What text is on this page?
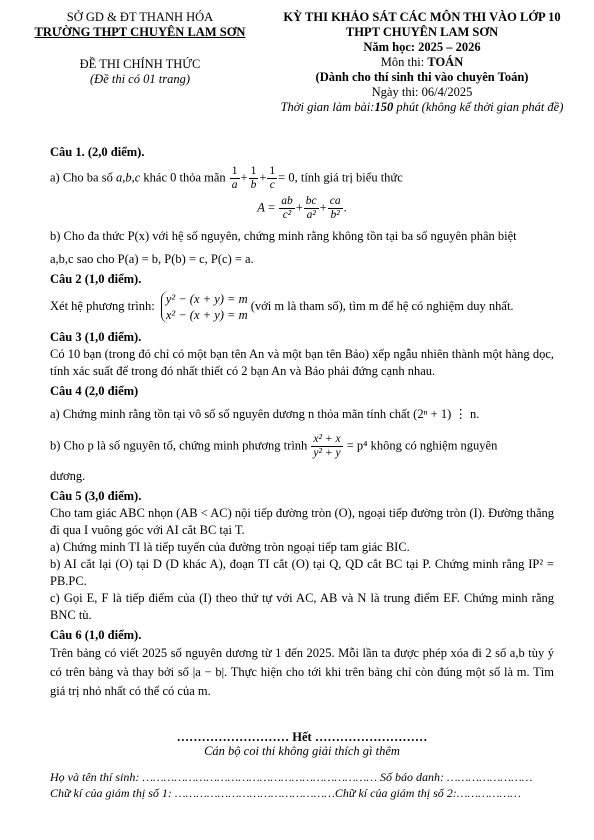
SỞ GD & ĐT THANH HÓA
TRƯỜNG THPT CHUYÊN LAM SƠN
ĐỀ THI CHÍNH THỨC
(Đề thi có 01 trang)
KỲ THI KHẢO SÁT CÁC MÔN THI VÀO LỚP 10
THPT CHUYÊN LAM SƠN
Năm học: 2025 – 2026
Môn thi: TOÁN
(Dành cho thí sinh thi vào chuyên Toán)
Ngày thi: 06/4/2025
Thời gian làm bài:150 phút (không kể thời gian phát đề)
Câu 1. (2,0 điểm).
a) Cho ba số a,b,c khác 0 thỏa mãn $\frac{1}{a} + \frac{1}{b} + \frac{1}{c} = 0$, tính giá trị biểu thức
$A = \frac{ab}{\text{c²}} + \frac{bc}{\text{a²}} + \frac{ca}{\text{b²}}$ .
b) Cho đa thức P(x) với hệ số nguyên, chứng minh rằng không tồn tại ba số nguyên phân biệt
a,b,c sao cho P(a) = b, P(b) = c, P(c) = a.
Câu 2 (1,0 điểm).
Xét hệ phương trình: y² − (x + y) = m
x² − (x + y) = m (với m là tham số), tìm m để hệ có nghiệm duy nhất.
Câu 3 (1,0 điểm).
Có 10 bạn (trong đó chỉ có một bạn tên An và một bạn tên Bảo) xếp ngẫu nhiên thành một hàng dọc, tính xác suất để trong đó nhất thiết có 2 bạn An và Bảo phải đứng cạnh nhau.
Câu 4 (2,0 điểm)
a) Chứng minh rằng tồn tại vô số số nguyên dương n thỏa mãn tính chất (2ⁿ + 1) ⋮ n.
b) Cho p là số nguyên tố, chứng minh phương trình $\frac{\text{x² + x}}{\text{y² + y}} = p^4$ không có nghiệm nguyên
dương.
Câu 5 (3,0 điểm).
Cho tam giác ABC nhọn (AB < AC) nội tiếp đường tròn (O), ngoại tiếp đường tròn (I). Đường thẳng đi qua I vuông góc với AI cắt BC tại T.
a) Chứng minh TI là tiếp tuyến của đường tròn ngoại tiếp tam giác BIC.
b) AI cắt lại (O) tại D (D khác A), đoạn TI cắt (O) tại Q, QD cắt BC tại P. Chứng minh rằng IP² = PB.PC.
c) Gọi E, F là tiếp điểm của (I) theo thứ tự với AC, AB và N là trung điểm EF. Chứng minh rằng BNC tù.
Câu 6 (1,0 điểm).
Trên bảng có viết 2025 số nguyên dương từ 1 đến 2025. Mỗi lần ta được phép xóa đi 2 số a,b tùy ý có trên bảng và thay bởi số |a − b|. Thực hiện cho tới khi trên bảng chỉ còn đúng một số là m. Tìm giá trị nhỏ nhất có thể có của m.
……………………… Hết ………………………
Cán bộ coi thi không giải thích gì thêm
Họ và tên thí sinh: ………………………………………………………… Số báo danh: ……………………
Chữ kí của giám thị số 1: ………………………………………Chữ kí của giám thị số 2:………………
